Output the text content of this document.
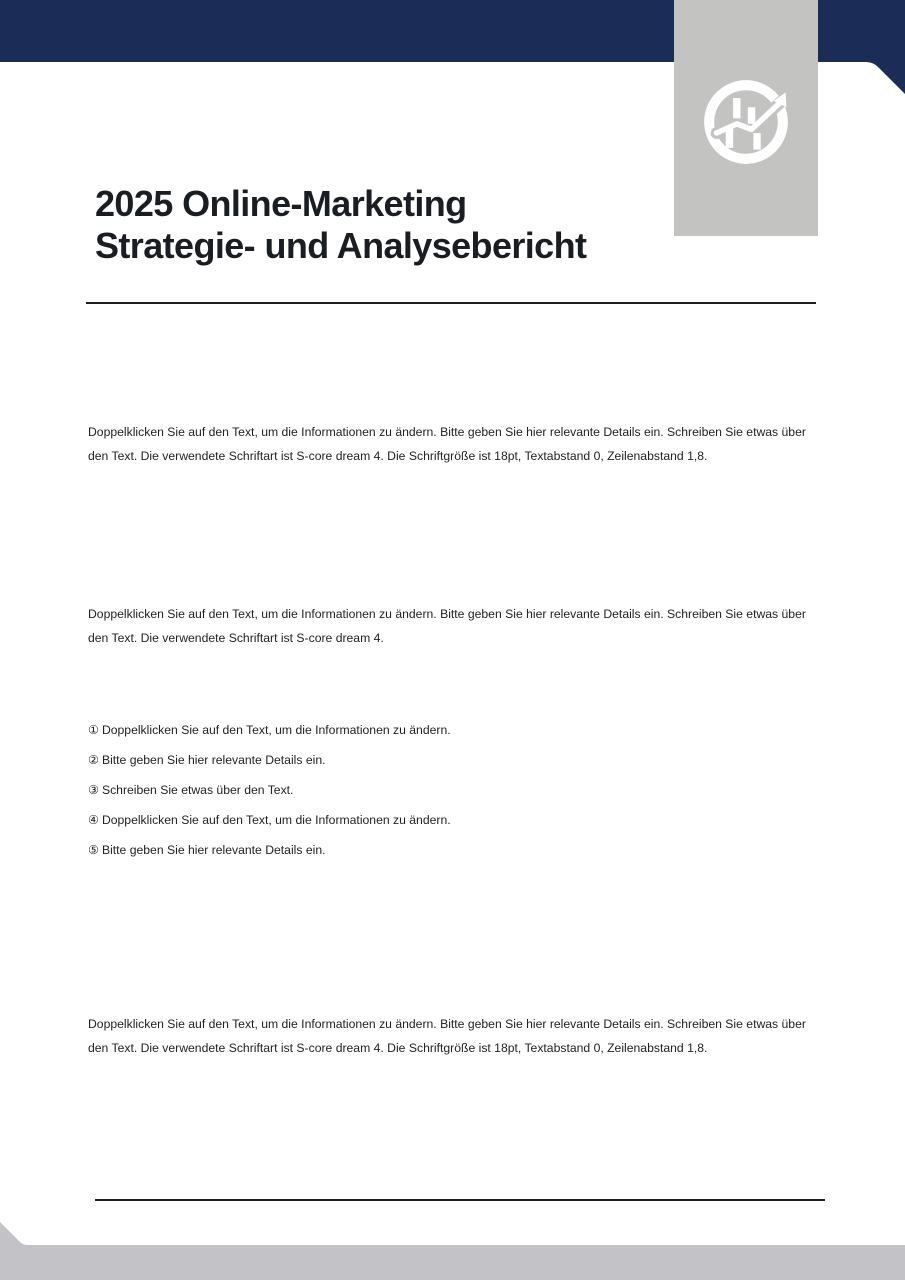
2025 Online-Marketing
Strategie- und Analysebericht

Doppelklicken Sie auf den Text, um die Informationen zu ändern. Bitte geben Sie hier relevante Details ein. Schreiben Sie etwas über den Text. Die verwendete Schriftart ist S-core dream 4. Die Schriftgröße ist 18pt, Textabstand 0, Zeilenabstand 1,8.

Doppelklicken Sie auf den Text, um die Informationen zu ändern. Bitte geben Sie hier relevante Details ein. Schreiben Sie etwas über den Text. Die verwendete Schriftart ist S-core dream 4.

① Doppelklicken Sie auf den Text, um die Informationen zu ändern.
② Bitte geben Sie hier relevante Details ein.
③ Schreiben Sie etwas über den Text.
④ Doppelklicken Sie auf den Text, um die Informationen zu ändern.
⑤ Bitte geben Sie hier relevante Details ein.

Doppelklicken Sie auf den Text, um die Informationen zu ändern. Bitte geben Sie hier relevante Details ein. Schreiben Sie etwas über den Text. Die verwendete Schriftart ist S-core dream 4. Die Schriftgröße ist 18pt, Textabstand 0, Zeilenabstand 1,8.
